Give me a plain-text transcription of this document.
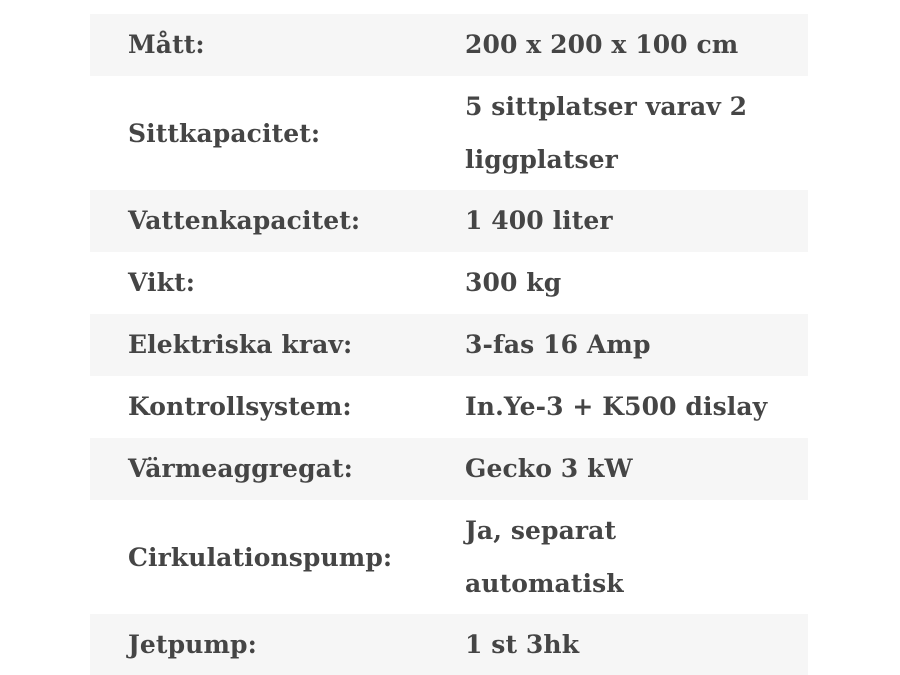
Mått:	200 x 200 x 100 cm
Sittkapacitet:	5 sittplatser varav 2
liggplatser

Vattenkapacitet:	1 400 liter
Vikt:	300 kg
Elektriska krav:	3-fas 16 Amp
Kontrollsystem:	In.Ye-3 + K500 dislay
Värmeaggregat:	Gecko 3 kW
Cirkulationspump:	Ja, separat
automatisk

Jetpump:	1 st 3hk
